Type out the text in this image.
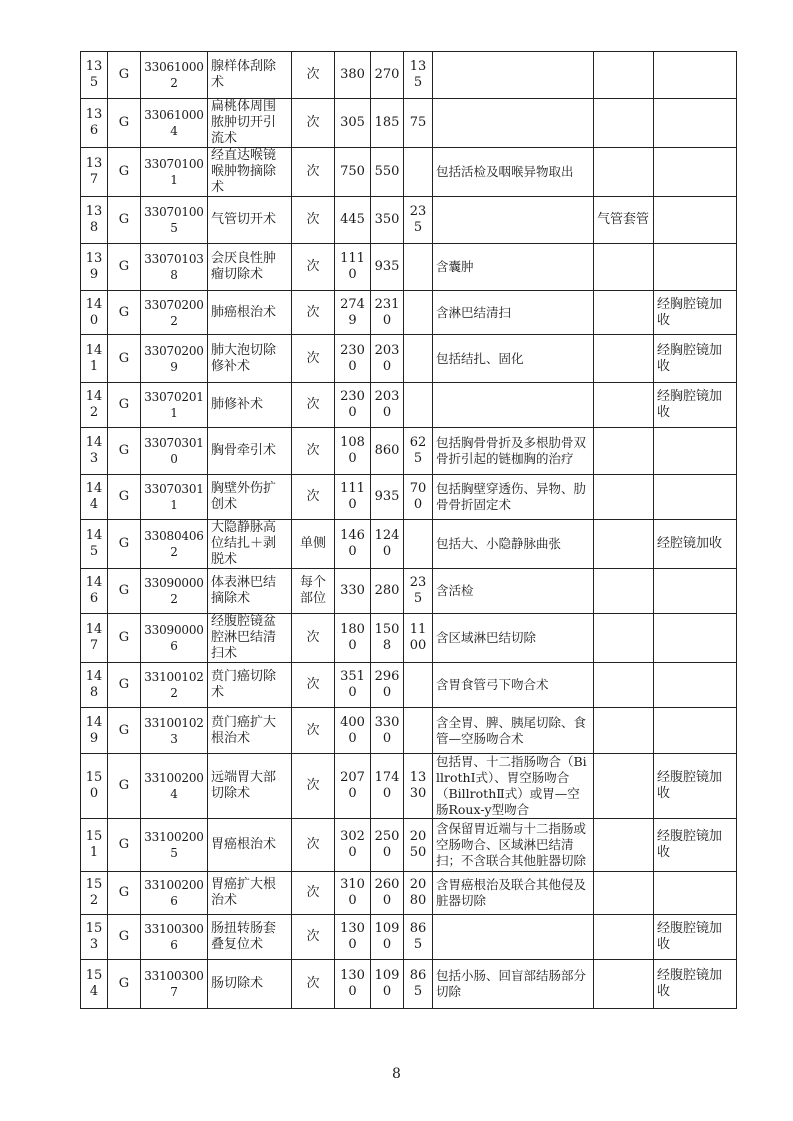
135	G	330610002	腺样体刮除术	次	380	270	135			
136	G	330610004	扁桃体周围脓肿切开引流术	次	305	185	75			
137	G	330701001	经直达喉镜喉肿物摘除术	次	750	550		包括活检及咽喉异物取出		
138	G	330701005	气管切开术	次	445	350	235		气管套管	
139	G	330701038	会厌良性肿瘤切除术	次	1110	935		含囊肿		
140	G	330702002	肺癌根治术	次	2749	2310		含淋巴结清扫		经胸腔镜加收
141	G	330702009	肺大泡切除修补术	次	2300	2030		包括结扎、固化		经胸腔镜加收
142	G	330702011	肺修补术	次	2300	2030				经胸腔镜加收
143	G	330703010	胸骨牵引术	次	1080	860	625	包括胸骨骨折及多根肋骨双骨折引起的链枷胸的治疗		
144	G	330703011	胸壁外伤扩创术	次	1110	935	700	包括胸壁穿透伤、异物、肋骨骨折固定术		
145	G	330804062	大隐静脉高位结扎＋剥脱术	单侧	1460	1240		包括大、小隐静脉曲张		经腔镜加收
146	G	330900002	体表淋巴结摘除术	每个部位	330	280	235	含活检		
147	G	330900006	经腹腔镜盆腔淋巴结清扫术	次	1800	1508	1100	含区域淋巴结切除		
148	G	331001022	贲门癌切除术	次	3510	2960		含胃食管弓下吻合术		
149	G	331001023	贲门癌扩大根治术	次	4000	3300		含全胃、脾、胰尾切除、食管—空肠吻合术		
150	G	331002004	远端胃大部切除术	次	2070	1740	1330	包括胃、十二指肠吻合（BillrothⅠ式）、胃空肠吻合（BillrothⅡ式）或胃—空肠Roux-y型吻合		经腹腔镜加收
151	G	331002005	胃癌根治术	次	3020	2500	2050	含保留胃近端与十二指肠或空肠吻合、区域淋巴结清扫；不含联合其他脏器切除		经腹腔镜加收
152	G	331002006	胃癌扩大根治术	次	3100	2600	2080	含胃癌根治及联合其他侵及脏器切除		
153	G	331003006	肠扭转肠套叠复位术	次	1300	1090	865			经腹腔镜加收
154	G	331003007	肠切除术	次	1300	1090	865	包括小肠、回盲部结肠部分切除		经腹腔镜加收
8
